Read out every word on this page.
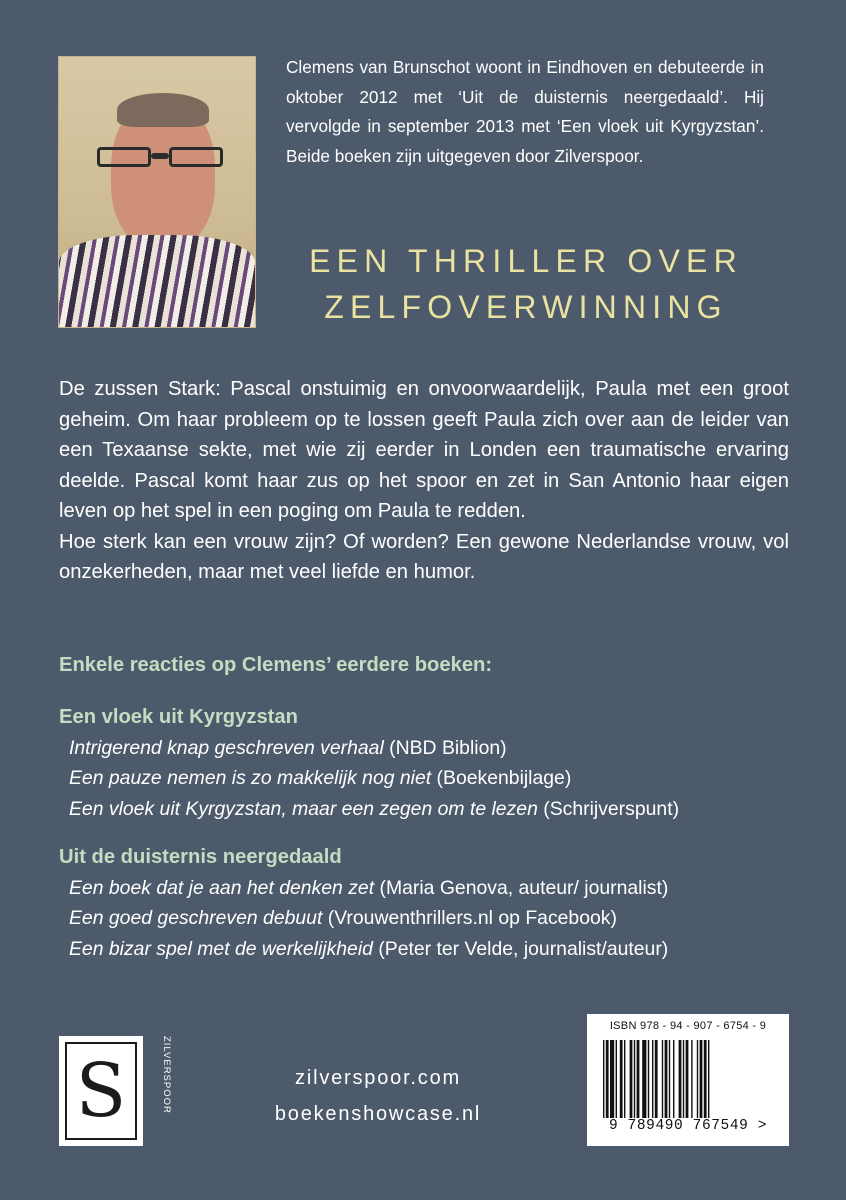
Clemens van Brunschot woont in Eindhoven en debuteerde in oktober 2012 met ‘Uit de duisternis neergedaald’. Hij vervolgde in september 2013 met ‘Een vloek uit Kyrgyzstan’. Beide boeken zijn uitgegeven door Zilverspoor.
EEN THRILLER OVER
ZELFOVERWINNING

De zussen Stark: Pascal onstuimig en onvoorwaardelijk, Paula met een groot geheim. Om haar probleem op te lossen geeft Paula zich over aan de leider van een Texaanse sekte, met wie zij eerder in Londen een traumatische ervaring deelde. Pascal komt haar zus op het spoor en zet in San Antonio haar eigen leven op het spel in een poging om Paula te redden.

Hoe sterk kan een vrouw zijn? Of worden? Een gewone Nederlandse vrouw, vol onzekerheden, maar met veel liefde en humor.

Enkele reacties op Clemens’ eerdere boeken:
Een vloek uit Kyrgyzstan
Intrigerend knap geschreven verhaal (NBD Biblion)
Een pauze nemen is zo makkelijk nog niet (Boekenbijlage)
Een vloek uit Kyrgyzstan, maar een zegen om te lezen (Schrijverspunt)
Uit de duisternis neergedaald
Een boek dat je aan het denken zet (Maria Genova, auteur/ journalist)
Een goed geschreven debuut (Vrouwenthrillers.nl op Facebook)
Een bizar spel met de werkelijkheid (Peter ter Velde, journalist/auteur)
S	ZILVERSPOOR	zilverspoor.com
boekenshowcase.nl
ISBN 978 - 94 - 907 - 6754 - 9
9 789490 767549 >
